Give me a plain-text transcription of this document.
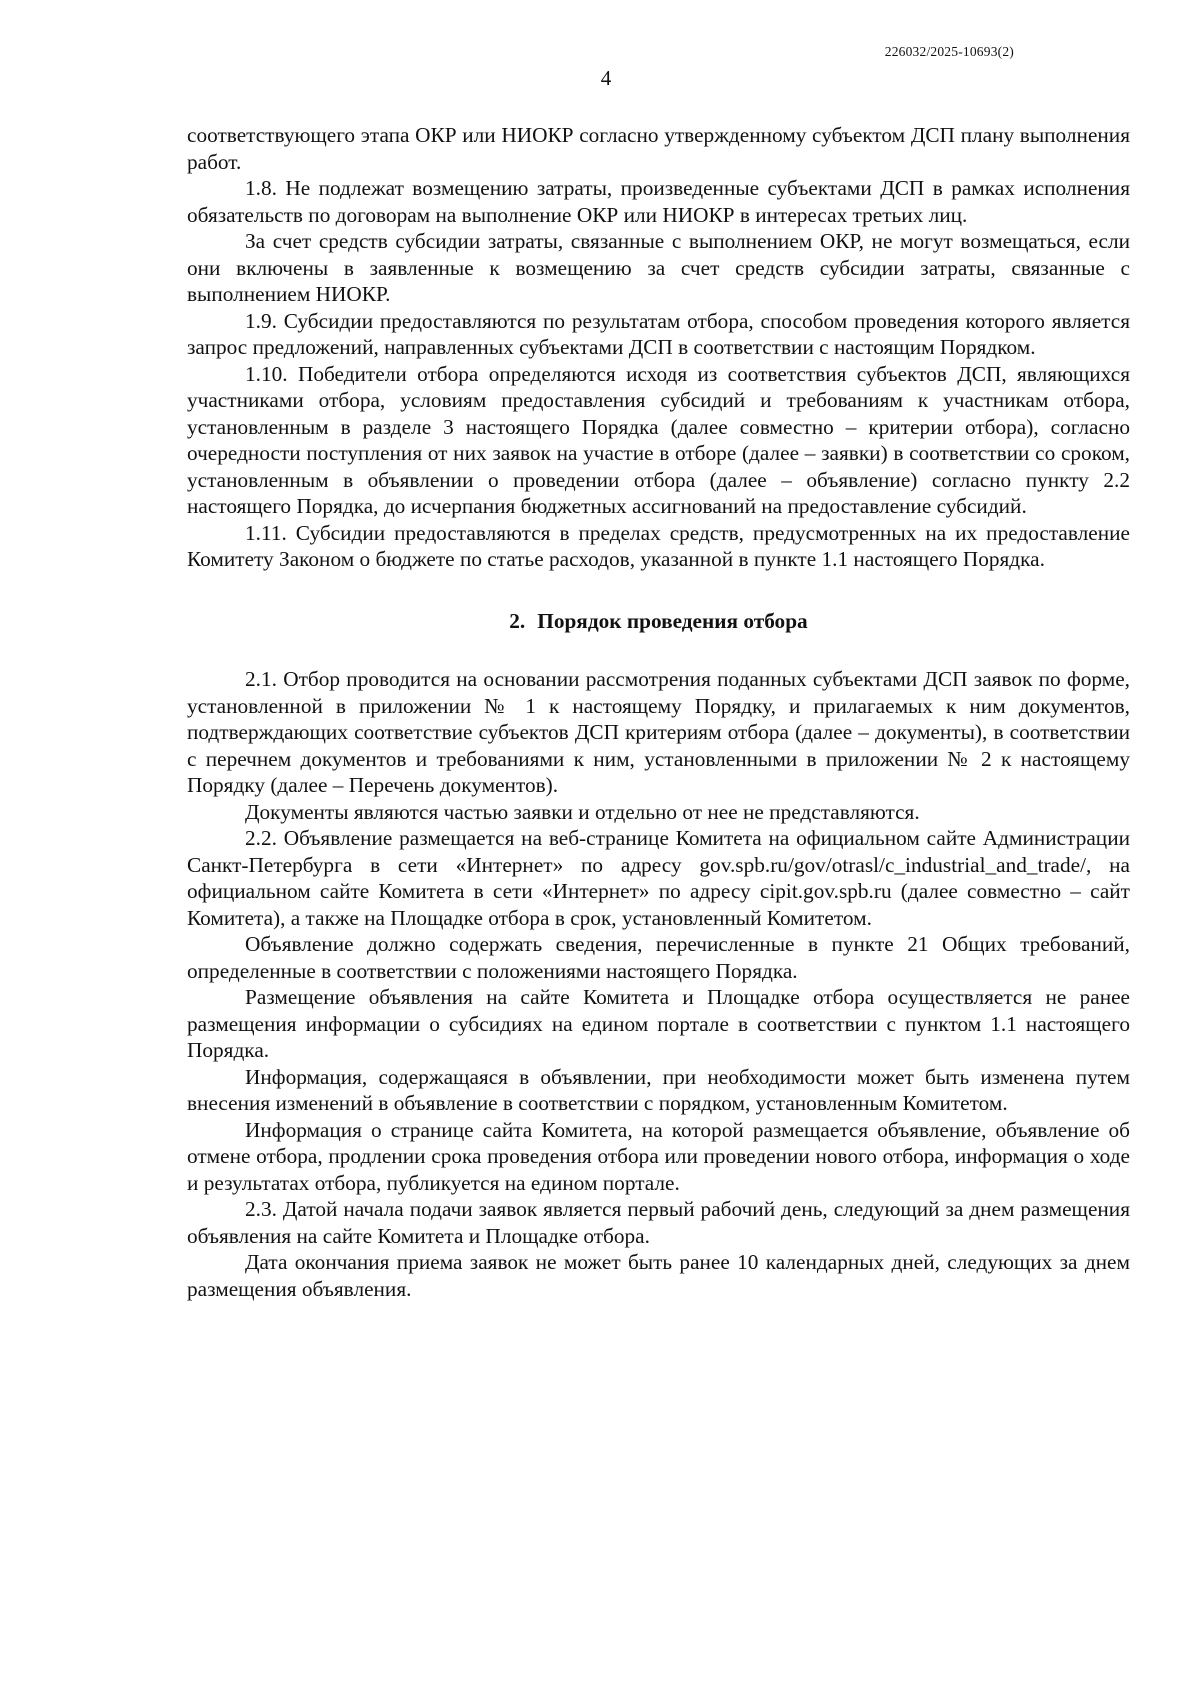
226032/2025-10693(2)
4

соответствующего этапа ОКР или НИОКР согласно утвержденному субъектом ДСП плану выполнения работ.

1.8. Не подлежат возмещению затраты, произведенные субъектами ДСП в рамках исполнения обязательств по договорам на выполнение ОКР или НИОКР в интересах третьих лиц.

За счет средств субсидии затраты, связанные с выполнением ОКР, не могут возмещаться, если они включены в заявленные к возмещению за счет средств субсидии затраты, связанные с выполнением НИОКР.

1.9. Субсидии предоставляются по результатам отбора, способом проведения которого является запрос предложений, направленных субъектами ДСП в соответствии с настоящим Порядком.

1.10. Победители отбора определяются исходя из соответствия субъектов ДСП, являющихся участниками отбора, условиям предоставления субсидий и требованиям к участникам отбора, установленным в разделе 3 настоящего Порядка (далее совместно – критерии отбора), согласно очередности поступления от них заявок на участие в отборе (далее – заявки) в соответствии со сроком, установленным в объявлении о проведении отбора (далее – объявление) согласно пункту 2.2 настоящего Порядка, до исчерпания бюджетных ассигнований на предоставление субсидий.

1.11. Субсидии предоставляются в пределах средств, предусмотренных на их предоставление Комитету Законом о бюджете по статье расходов, указанной в пункте 1.1 настоящего Порядка.

2. Порядок проведения отбора

2.1. Отбор проводится на основании рассмотрения поданных субъектами ДСП заявок по форме, установленной в приложении № 1 к настоящему Порядку, и прилагаемых к ним документов, подтверждающих соответствие субъектов ДСП критериям отбора (далее – документы), в соответствии с перечнем документов и требованиями к ним, установленными в приложении № 2 к настоящему Порядку (далее – Перечень документов).

Документы являются частью заявки и отдельно от нее не представляются.

2.2. Объявление размещается на веб-странице Комитета на официальном сайте Администрации Санкт-Петербурга в сети «Интернет» по адресу gov.spb.ru/gov/otrasl/c_industrial_and_trade/, на официальном сайте Комитета в сети «Интернет» по адресу cipit.gov.spb.ru (далее совместно – сайт Комитета), а также на Площадке отбора в срок, установленный Комитетом.

Объявление должно содержать сведения, перечисленные в пункте 21 Общих требований, определенные в соответствии с положениями настоящего Порядка.

Размещение объявления на сайте Комитета и Площадке отбора осуществляется не ранее размещения информации о субсидиях на едином портале в соответствии с пунктом 1.1 настоящего Порядка.

Информация, содержащаяся в объявлении, при необходимости может быть изменена путем внесения изменений в объявление в соответствии с порядком, установленным Комитетом.

Информация о странице сайта Комитета, на которой размещается объявление, объявление об отмене отбора, продлении срока проведения отбора или проведении нового отбора, информация о ходе и результатах отбора, публикуется на едином портале.

2.3. Датой начала подачи заявок является первый рабочий день, следующий за днем размещения объявления на сайте Комитета и Площадке отбора.

Дата окончания приема заявок не может быть ранее 10 календарных дней, следующих за днем размещения объявления.
